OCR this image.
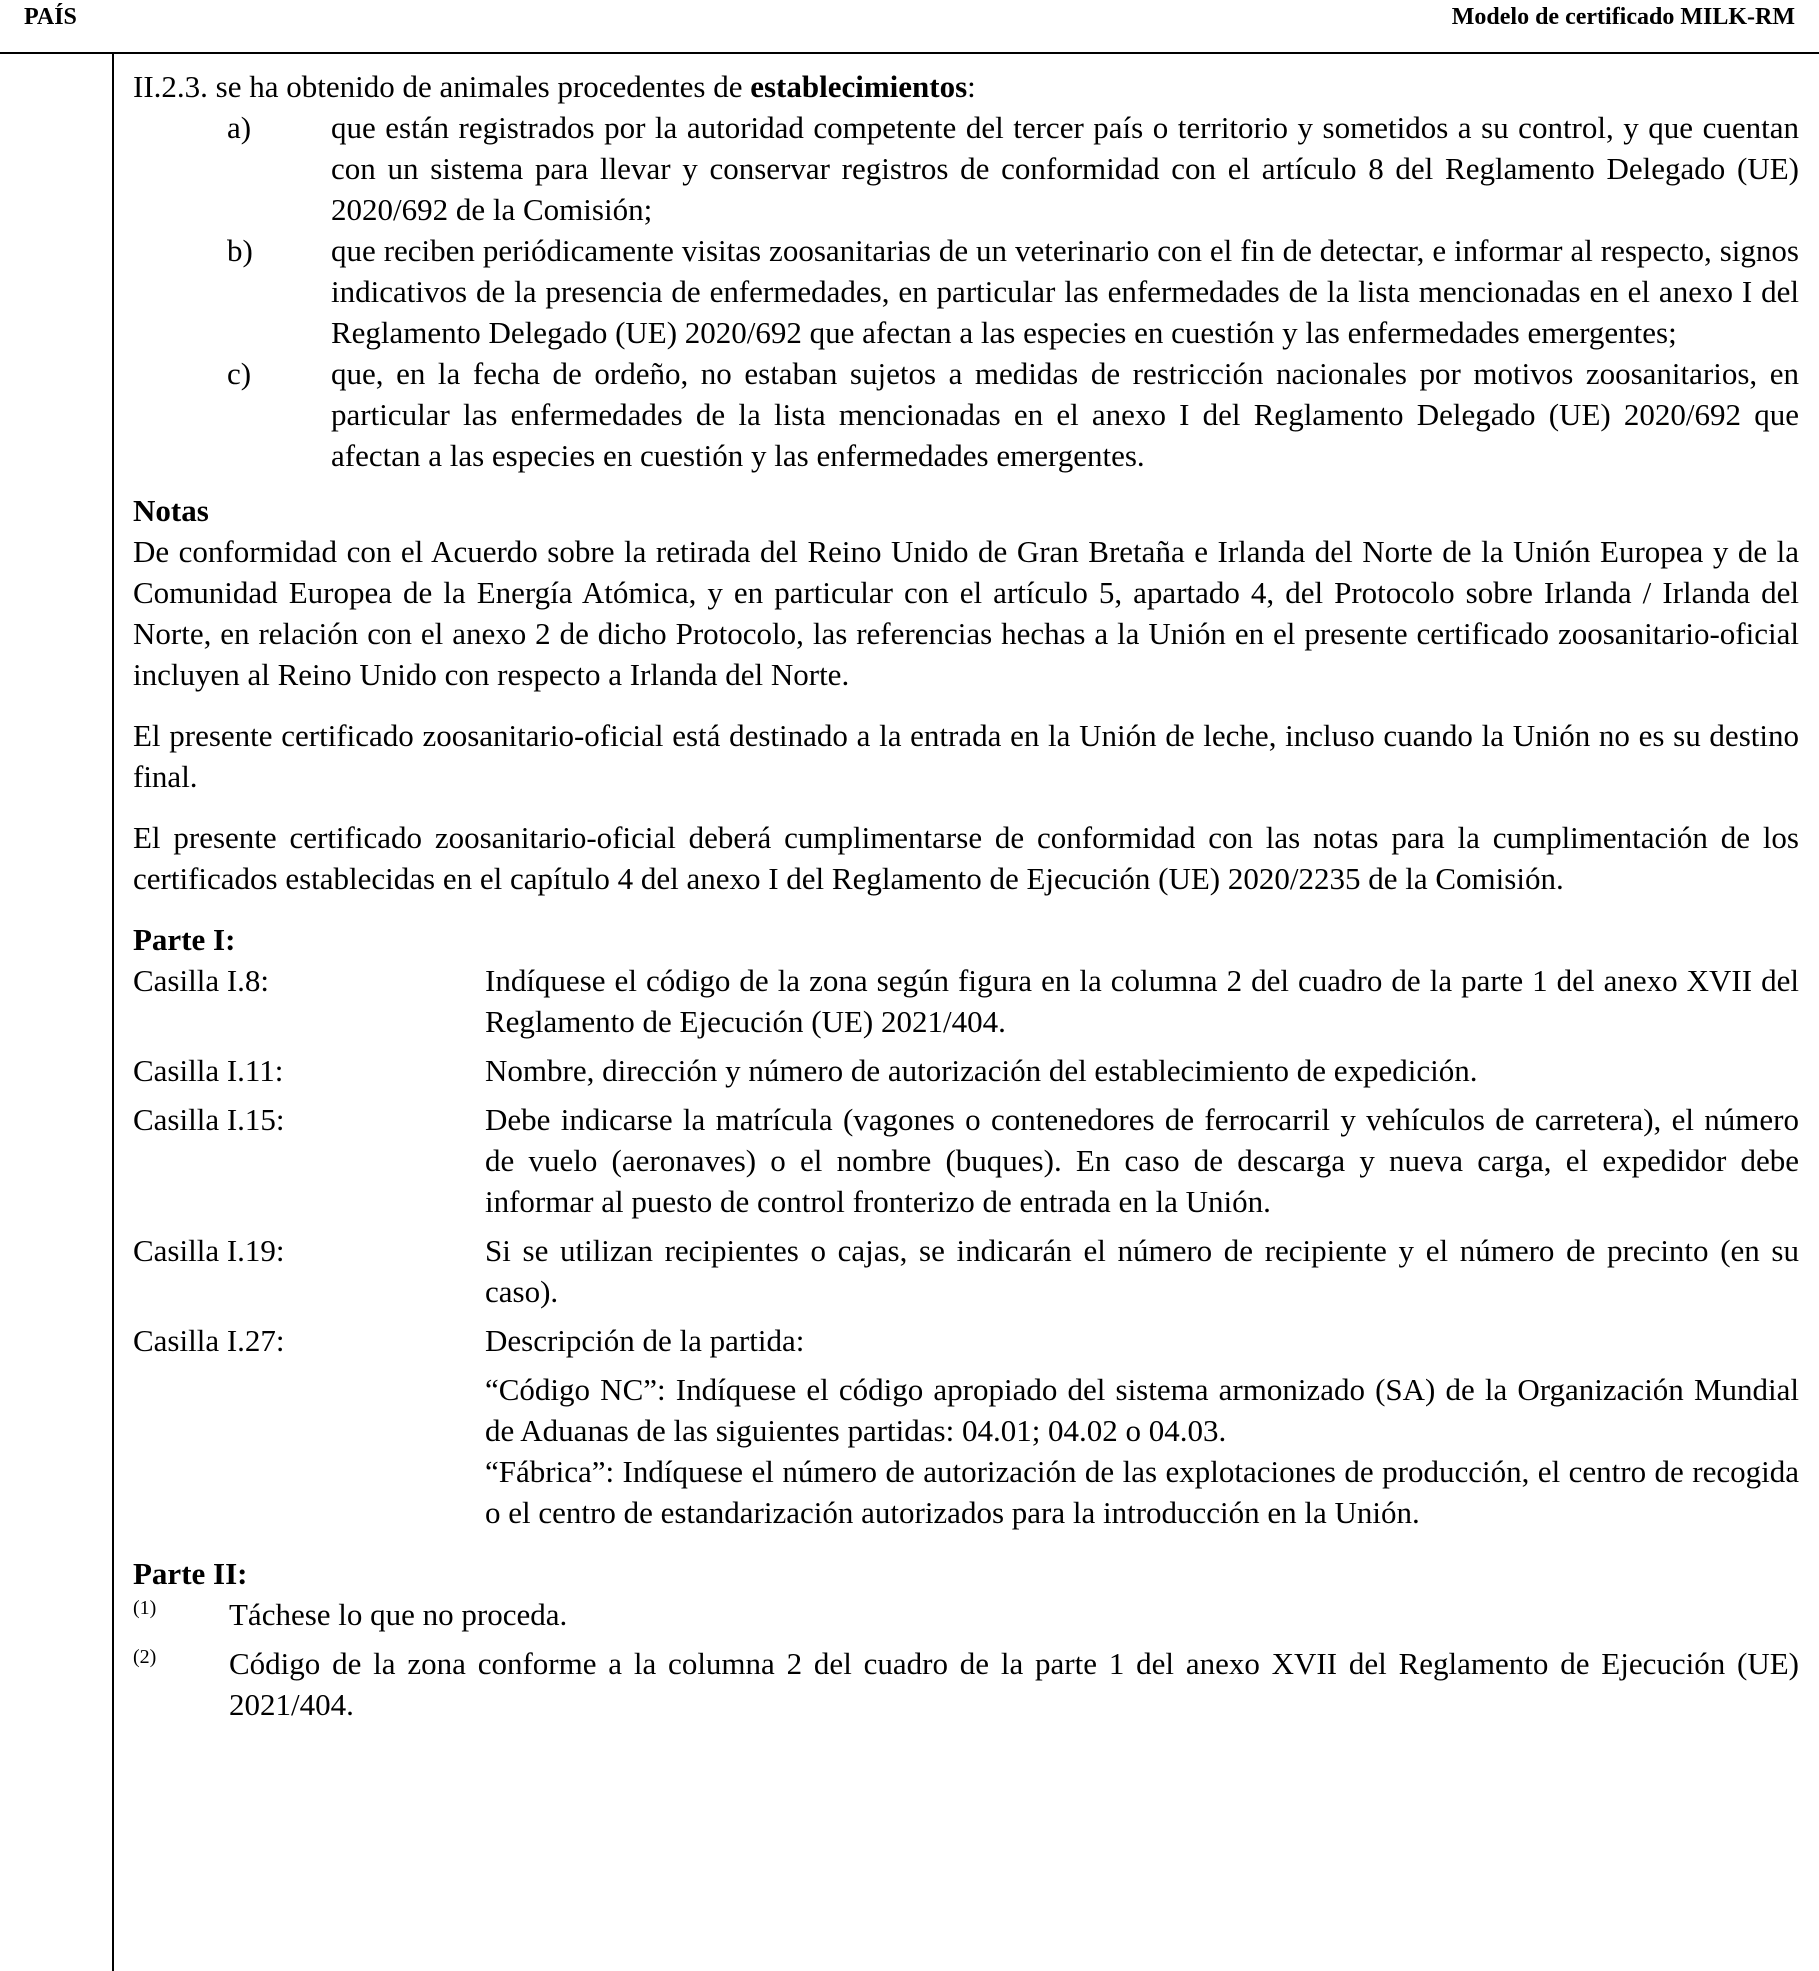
PAÍS	Modelo de certificado MILK-RM
II.2.3. se ha obtenido de animales procedentes de establecimientos:
a)	que están registrados por la autoridad competente del tercer país o territorio y sometidos a su control, y que cuentan con un sistema para llevar y conservar registros de conformidad con el artículo 8 del Reglamento Delegado (UE) 2020/692 de la Comisión;
b)	que reciben periódicamente visitas zoosanitarias de un veterinario con el fin de detectar, e informar al respecto, signos indicativos de la presencia de enfermedades, en particular las enfermedades de la lista mencionadas en el anexo I del Reglamento Delegado (UE) 2020/692 que afectan a las especies en cuestión y las enfermedades emergentes;
c)	que, en la fecha de ordeño, no estaban sujetos a medidas de restricción nacionales por motivos zoosanitarios, en particular las enfermedades de la lista mencionadas en el anexo I del Reglamento Delegado (UE) 2020/692 que afectan a las especies en cuestión y las enfermedades emergentes.
Notas
De conformidad con el Acuerdo sobre la retirada del Reino Unido de Gran Bretaña e Irlanda del Norte de la Unión Europea y de la Comunidad Europea de la Energía Atómica, y en particular con el artículo 5, apartado 4, del Protocolo sobre Irlanda / Irlanda del Norte, en relación con el anexo 2 de dicho Protocolo, las referencias hechas a la Unión en el presente certificado zoosanitario-oficial incluyen al Reino Unido con respecto a Irlanda del Norte.
El presente certificado zoosanitario-oficial está destinado a la entrada en la Unión de leche, incluso cuando la Unión no es su destino final.
El presente certificado zoosanitario-oficial deberá cumplimentarse de conformidad con las notas para la cumplimentación de los certificados establecidas en el capítulo 4 del anexo I del Reglamento de Ejecución (UE) 2020/2235 de la Comisión.
Parte I:
Casilla I.8:	Indíquese el código de la zona según figura en la columna 2 del cuadro de la parte 1 del anexo XVII del Reglamento de Ejecución (UE) 2021/404.
Casilla I.11:	Nombre, dirección y número de autorización del establecimiento de expedición.
Casilla I.15:	Debe indicarse la matrícula (vagones o contenedores de ferrocarril y vehículos de carretera), el número de vuelo (aeronaves) o el nombre (buques). En caso de descarga y nueva carga, el expedidor debe informar al puesto de control fronterizo de entrada en la Unión.
Casilla I.19:	Si se utilizan recipientes o cajas, se indicarán el número de recipiente y el número de precinto (en su caso).
Casilla I.27:	Descripción de la partida:
“Código NC”: Indíquese el código apropiado del sistema armonizado (SA) de la Organización Mundial de Aduanas de las siguientes partidas: 04.01; 04.02 o 04.03.
“Fábrica”: Indíquese el número de autorización de las explotaciones de producción, el centro de recogida o el centro de estandarización autorizados para la introducción en la Unión.
Parte II:
(1) Táchese lo que no proceda.
(2) Código de la zona conforme a la columna 2 del cuadro de la parte 1 del anexo XVII del Reglamento de Ejecución (UE) 2021/404.
